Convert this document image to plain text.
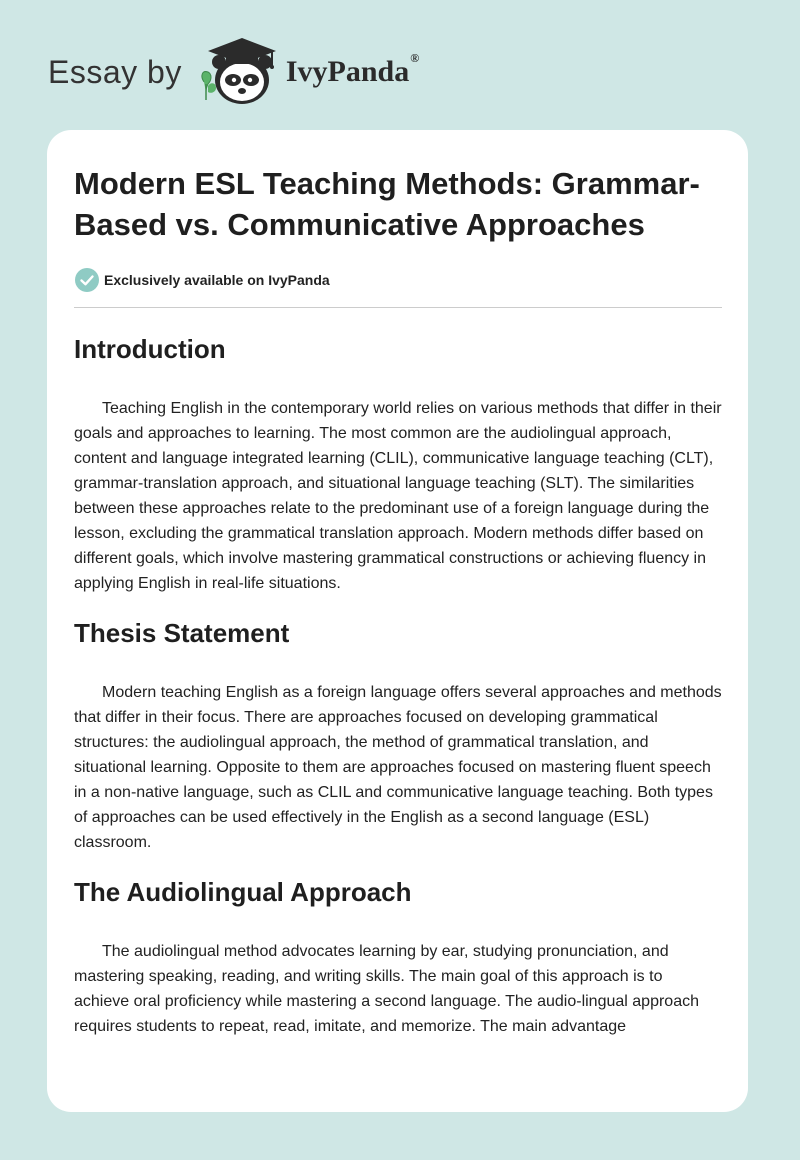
Essay by	IvyPanda®
Modern ESL Teaching Methods: Grammar-Based vs. Communicative Approaches
Exclusively available on IvyPanda
Introduction

Teaching English in the contemporary world relies on various methods that differ in their goals and approaches to learning. The most common are the audiolingual approach, content and language integrated learning (CLIL), communicative language teaching (CLT), grammar-translation approach, and situational language teaching (SLT). The similarities between these approaches relate to the predominant use of a foreign language during the lesson, excluding the grammatical translation approach. Modern methods differ based on different goals, which involve mastering grammatical constructions or achieving fluency in applying English in real-life situations.

Thesis Statement

Modern teaching English as a foreign language offers several approaches and methods that differ in their focus. There are approaches focused on developing grammatical structures: the audiolingual approach, the method of grammatical translation, and situational learning. Opposite to them are approaches focused on mastering fluent speech in a non-native language, such as CLIL and communicative language teaching. Both types of approaches can be used effectively in the English as a second language (ESL) classroom.

The Audiolingual Approach

The audiolingual method advocates learning by ear, studying pronunciation, and mastering speaking, reading, and writing skills. The main goal of this approach is to achieve oral proficiency while mastering a second language. The audio-lingual approach requires students to repeat, read, imitate, and memorize. The main advantage
